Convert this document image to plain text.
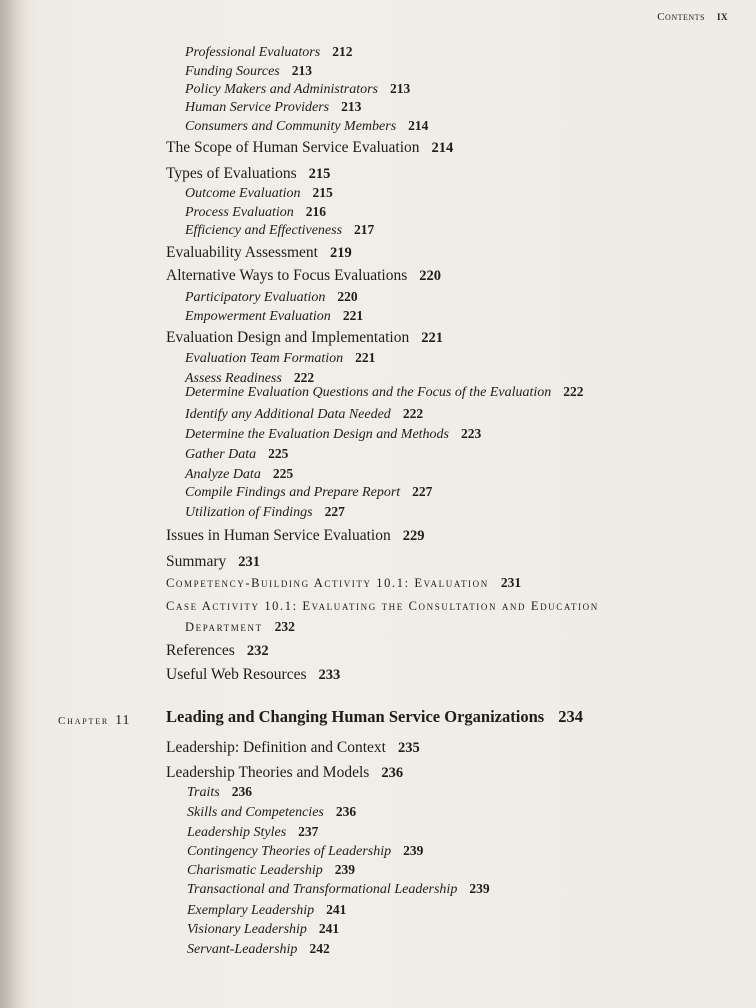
Contents ix
Professional Evaluators 212
Funding Sources 213
Policy Makers and Administrators 213
Human Service Providers 213
Consumers and Community Members 214
The Scope of Human Service Evaluation 214
Types of Evaluations 215
Outcome Evaluation 215
Process Evaluation 216
Efficiency and Effectiveness 217
Evaluability Assessment 219
Alternative Ways to Focus Evaluations 220
Participatory Evaluation 220
Empowerment Evaluation 221
Evaluation Design and Implementation 221
Evaluation Team Formation 221
Assess Readiness 222
Determine Evaluation Questions and the Focus of the Evaluation 222
Identify any Additional Data Needed 222
Determine the Evaluation Design and Methods 223
Gather Data 225
Analyze Data 225
Compile Findings and Prepare Report 227
Utilization of Findings 227
Issues in Human Service Evaluation 229
Summary 231
Competency-Building Activity 10.1: Evaluation 231
Case Activity 10.1: Evaluating the Consultation and Education
Department 232
References 232
Useful Web Resources 233
Chapter 11 Leading and Changing Human Service Organizations 234
Leadership: Definition and Context 235
Leadership Theories and Models 236
Traits 236
Skills and Competencies 236
Leadership Styles 237
Contingency Theories of Leadership 239
Charismatic Leadership 239
Transactional and Transformational Leadership 239
Exemplary Leadership 241
Visionary Leadership 241
Servant-Leadership 242
